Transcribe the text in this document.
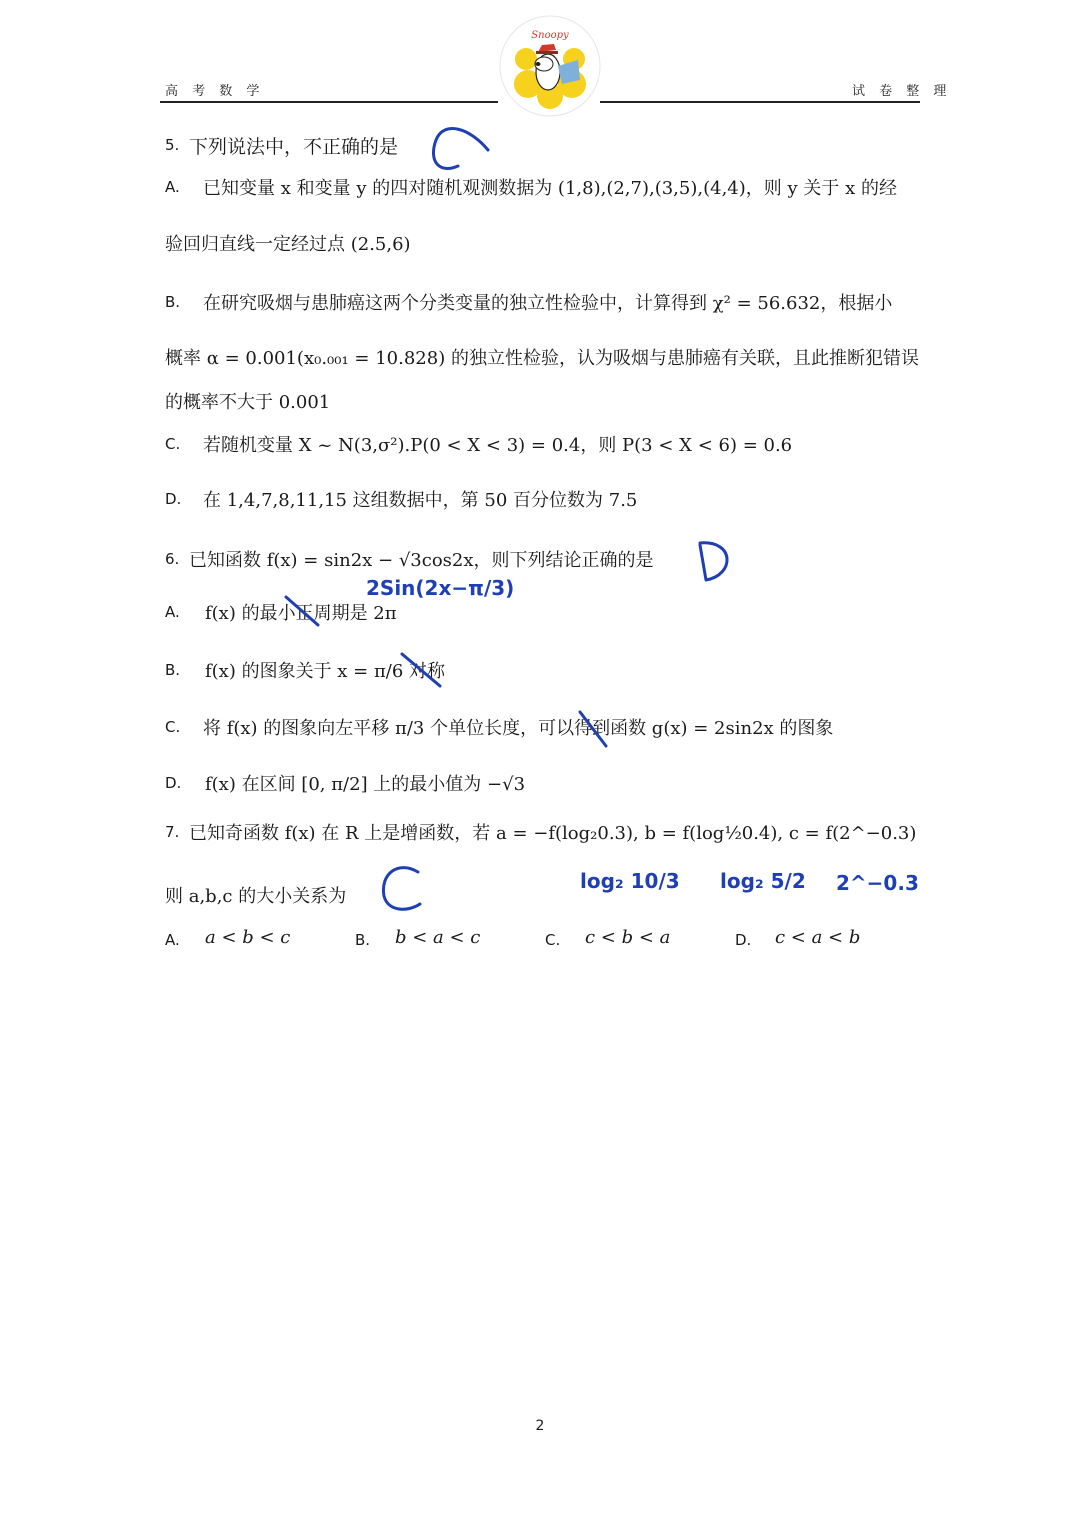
高 考 数 学	试 卷 整 理
Snoopy
5. 下列说法中，不正确的是
A. 已知变量 x 和变量 y 的四对随机观测数据为 (1,8),(2,7),(3,5),(4,4)，则 y 关于 x 的经
验回归直线一定经过点 (2.5,6)
B. 在研究吸烟与患肺癌这两个分类变量的独立性检验中，计算得到 χ² = 56.632，根据小
概率 α = 0.001(x₀.₀₀₁ = 10.828) 的独立性检验，认为吸烟与患肺癌有关联，且此推断犯错误
的概率不大于 0.001
C. 若随机变量 X ~ N(3,σ²).P(0 < X < 3) = 0.4，则 P(3 < X < 6) = 0.6
D. 在 1,4,7,8,11,15 这组数据中，第 50 百分位数为 7.5
6. 已知函数 f(x) = sin2x − √3cos2x，则下列结论正确的是
A. f(x) 的最小正周期是 2π
B. f(x) 的图象关于 x = π/6 对称
C. 将 f(x) 的图象向左平移 π/3 个单位长度，可以得到函数 g(x) = 2sin2x 的图象
D. f(x) 在区间 [0, π/2] 上的最小值为 −√3
7. 已知奇函数 f(x) 在 R 上是增函数，若 a = −f(log₂0.3), b = f(log½0.4), c = f(2^−0.3)
则 a,b,c 的大小关系为
A. a < b < c	B. b < a < c	C. c < b < a	D. c < a < b
2Sin(2x−π/3)
log₂ 10/3 log₂ 5/2 2^−0.3
2
